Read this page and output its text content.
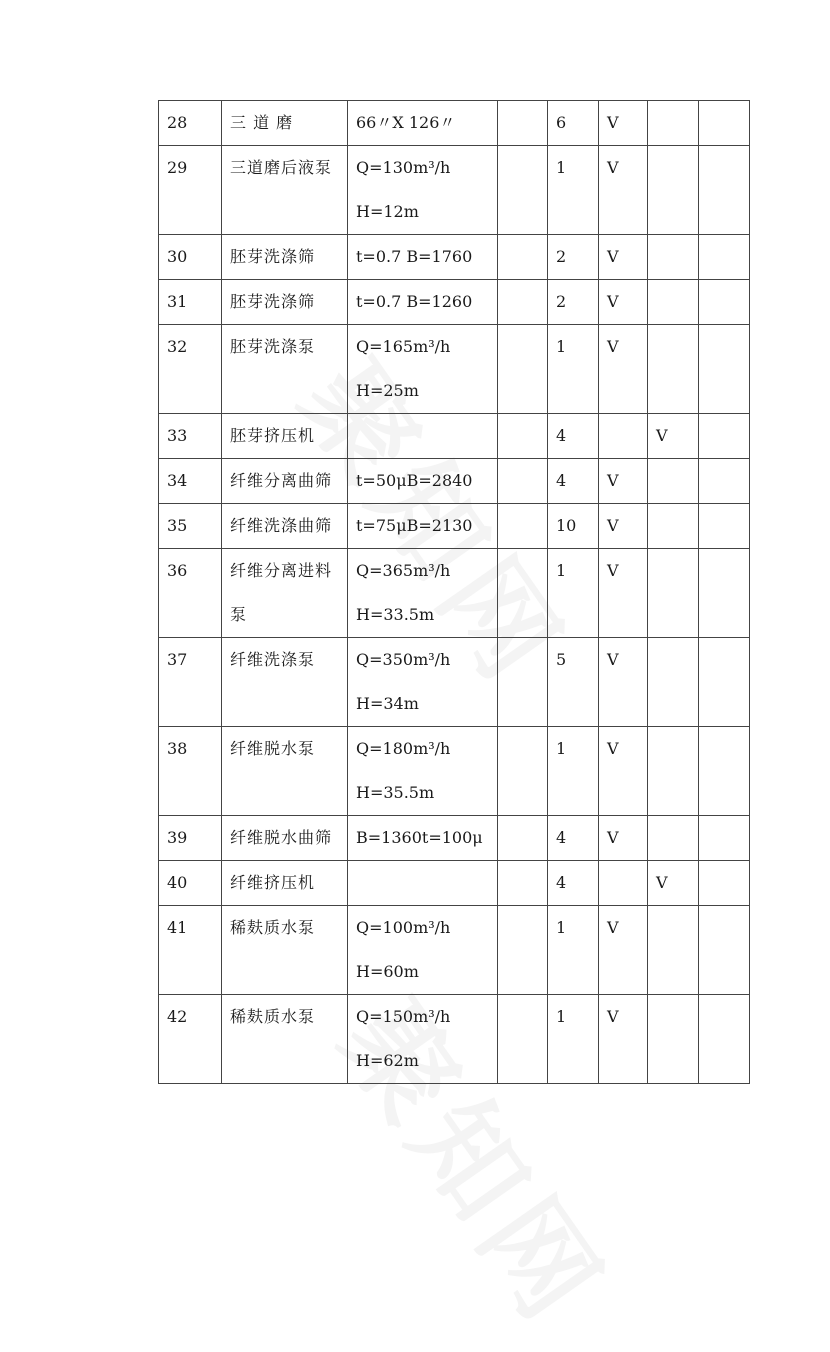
28	三 道 磨	66〃X 126〃		6	V		
29	三道磨后液泵	Q=130m³/h
H=12m		1	V		
30	胚芽洗涤筛	t=0.7 B=1760		2	V		
31	胚芽洗涤筛	t=0.7 B=1260		2	V		
32	胚芽洗涤泵	Q=165m³/h
H=25m		1	V		
33	胚芽挤压机			4		V	
34	纤维分离曲筛	t=50μB=2840		4	V		
35	纤维洗涤曲筛	t=75μB=2130		10	V		
36	纤维分离进料
泵	Q=365m³/h
H=33.5m		1	V		
37	纤维洗涤泵	Q=350m³/h
H=34m		5	V		
38	纤维脱水泵	Q=180m³/h
H=35.5m		1	V		
39	纤维脱水曲筛	B=1360t=100μ		4	V		
40	纤维挤压机			4		V	
41	稀麸质水泵	Q=100m³/h
H=60m		1	V		
42	稀麸质水泵	Q=150m³/h
H=62m		1	V		
